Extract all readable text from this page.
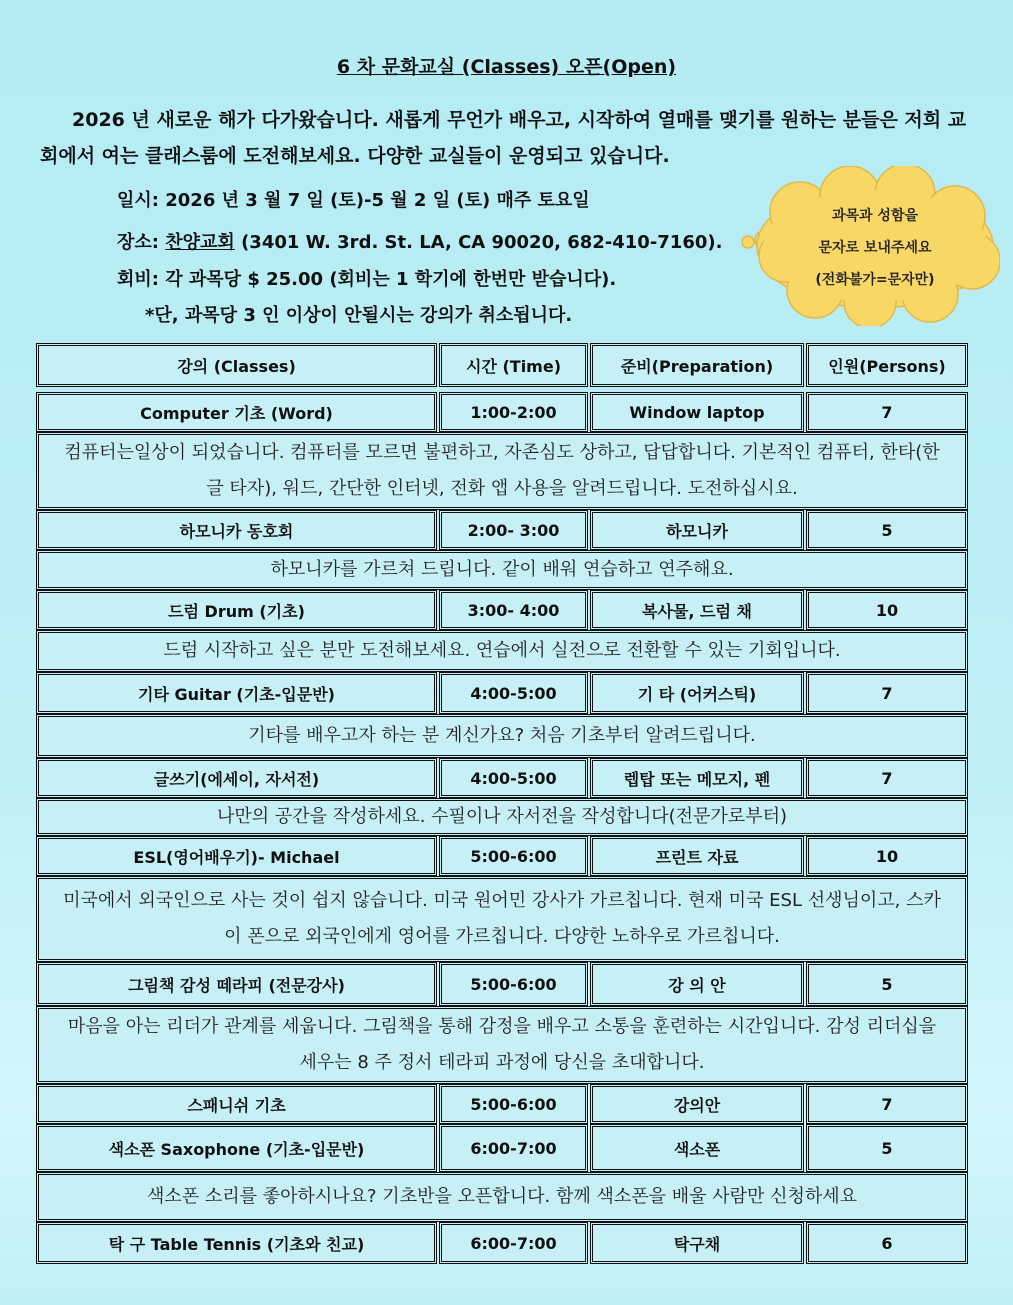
6 차 문화교실 (Classes) 오픈(Open)
2026 년 새로운 해가 다가왔습니다. 새롭게 무언가 배우고, 시작하여 열매를 맺기를 원하는 분들은 저희 교회에서 여는 클래스룸에 도전해보세요. 다양한 교실들이 운영되고 있습니다.
일시: 2026 년 3 월 7 일 (토)-5 월 2 일 (토) 매주 토요일
장소: 찬양교회 (3401 W. 3rd. St. LA, CA 90020, 682-410-7160).
회비: 각 과목당 $ 25.00 (회비는 1 학기에 한번만 받습니다).
*단, 과목당 3 인 이상이 안될시는 강의가 취소됩니다.
과목과 성함을
문자로 보내주세요
(전화불가=문자만)
강의 (Classes)	시간 (Time)	준비(Preparation)	인원(Persons)
Computer 기초 (Word)	1:00-2:00	Window laptop	7
컴퓨터는일상이 되었습니다. 컴퓨터를 모르면 불편하고, 자존심도 상하고, 답답합니다. 기본적인 컴퓨터, 한타(한글 타자), 워드, 간단한 인터넷, 전화 앱 사용을 알려드립니다. 도전하십시요.
하모니카 동호회	2:00- 3:00	하모니카	5
하모니카를 가르쳐 드립니다. 같이 배워 연습하고 연주해요.
드럼 Drum (기초)	3:00- 4:00	복사물, 드럼 채	10
드럼 시작하고 싶은 분만 도전해보세요. 연습에서 실전으로 전환할 수 있는 기회입니다.
기타 Guitar (기초-입문반)	4:00-5:00	기 타 (어커스틱)	7
기타를 배우고자 하는 분 계신가요? 처음 기초부터 알려드립니다.
글쓰기(에세이, 자서전)	4:00-5:00	렙탑 또는 메모지, 펜	7
나만의 공간을 작성하세요. 수필이나 자서전을 작성합니다(전문가로부터)
ESL(영어배우기)- Michael	5:00-6:00	프린트 자료	10
미국에서 외국인으로 사는 것이 쉽지 않습니다. 미국 원어민 강사가 가르칩니다. 현재 미국 ESL 선생님이고, 스카이 폰으로 외국인에게 영어를 가르칩니다. 다양한 노하우로 가르칩니다.
그림책 감성 떼라피 (전문강사)	5:00-6:00	강 의 안	5
마음을 아는 리더가 관계를 세웁니다. 그림책을 통해 감정을 배우고 소통을 훈련하는 시간입니다. 감성 리더십을 세우는 8 주 정서 테라피 과정에 당신을 초대합니다.
스패니쉬 기초	5:00-6:00	강의안	7
색소폰 Saxophone (기초-입문반)	6:00-7:00	색소폰	5
색소폰 소리를 좋아하시나요? 기초반을 오픈합니다. 함께 색소폰을 배울 사람만 신청하세요
탁 구 Table Tennis (기초와 친교)	6:00-7:00	탁구채	6
